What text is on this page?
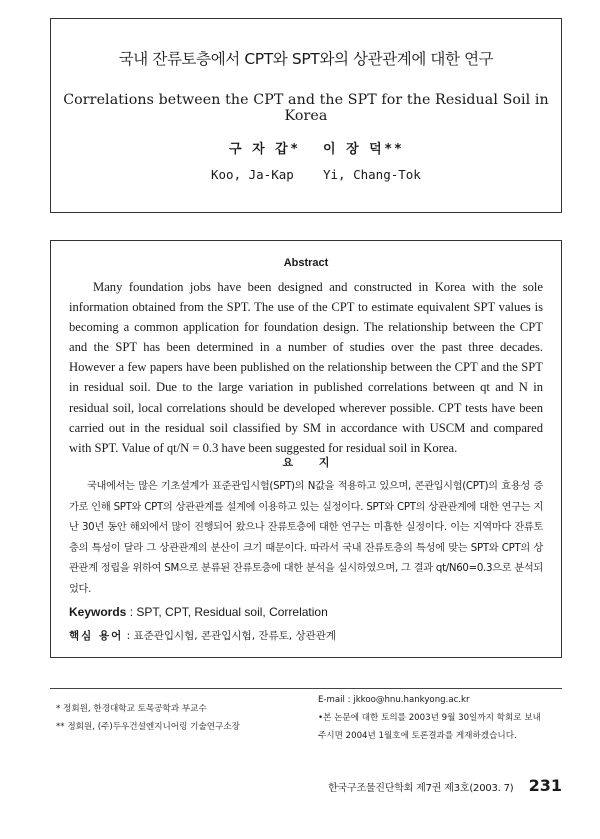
국내 잔류토층에서 CPT와 SPT와의 상관관계에 대한 연구
Correlations between the CPT and the SPT for the Residual Soil in Korea
구 자 갑* 이 장 덕**
Koo, Ja-Kap Yi, Chang-Tok
Abstract

Many foundation jobs have been designed and constructed in Korea with the sole information obtained from the SPT. The use of the CPT to estimate equivalent SPT values is becoming a common application for foundation design. The relationship between the CPT and the SPT has been determined in a number of studies over the past three decades. However a few papers have been published on the relationship between the CPT and the SPT in residual soil. Due to the large variation in published correlations between qt and N in residual soil, local correlations should be developed wherever possible. CPT tests have been carried out in the residual soil classified by SM in accordance with USCM and compared with SPT. Value of qt/N = 0.3 have been suggested for residual soil in Korea.

요 지

국내에서는 많은 기초설계가 표준관입시험(SPT)의 N값을 적용하고 있으며, 콘관입시험(CPT)의 효용성 증가로 인해 SPT와 CPT의 상관관계를 설계에 이용하고 있는 실정이다. SPT와 CPT의 상관관계에 대한 연구는 지난 30년 동안 해외에서 많이 진행되어 왔으나 잔류토층에 대한 연구는 미흡한 실정이다. 이는 지역마다 잔류토층의 특성이 달라 그 상관관계의 분산이 크기 때문이다. 따라서 국내 잔류토층의 특성에 맞는 SPT와 CPT의 상관관계 정립을 위하여 SM으로 분류된 잔류토층에 대한 분석을 실시하였으며, 그 결과 qt/N60=0.3으로 분석되었다.

Keywords : SPT, CPT, Residual soil, Correlation
핵심 용어 : 표준관입시험, 콘관입시험, 잔류토, 상관관계
* 정회원, 한경대학교 토목공학과 부교수
** 정회원, (주)두우건설엔지니어링 기술연구소장
E-mail : jkkoo@hnu.hankyong.ac.kr
•본 논문에 대한 토의를 2003년 9월 30일까지 학회로 보내
주시면 2004년 1월호에 토론결과를 게재하겠습니다.
한국구조물진단학회 제7권 제3호(2003. 7) 231
